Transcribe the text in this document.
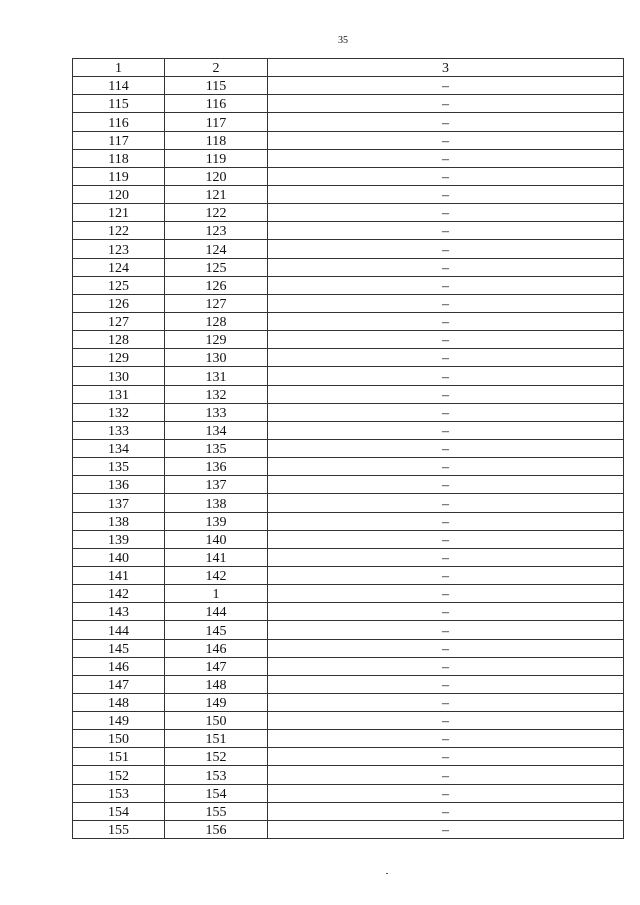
35
1	2	3
114	115	–
115	116	–
116	117	–
117	118	–
118	119	–
119	120	–
120	121	–
121	122	–
122	123	–
123	124	–
124	125	–
125	126	–
126	127	–
127	128	–
128	129	–
129	130	–
130	131	–
131	132	–
132	133	–
133	134	–
134	135	–
135	136	–
136	137	–
137	138	–
138	139	–
139	140	–
140	141	–
141	142	–
142	1	–
143	144	–
144	145	–
145	146	–
146	147	–
147	148	–
148	149	–
149	150	–
150	151	–
151	152	–
152	153	–
153	154	–
154	155	–
155	156	–
